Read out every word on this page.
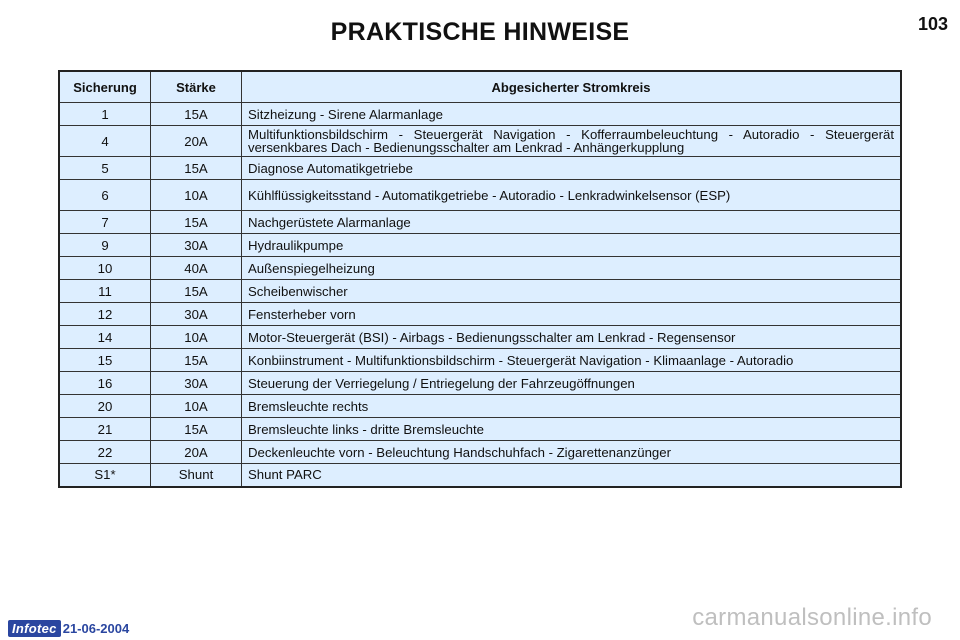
PRAKTISCHE HINWEISE	103
Sicherung	Stärke	Abgesicherter Stromkreis
1	15A	Sitzheizung - Sirene Alarmanlage
4	20A	Multifunktionsbildschirm - Steuergerät Navigation - Kofferraumbeleuchtung - Autoradio - Steuergerät versenkbares Dach - Bedienungsschalter am Lenkrad - Anhängerkupplung
5	15A	Diagnose Automatikgetriebe
6	10A	Kühlflüssigkeitsstand - Automatikgetriebe - Autoradio - Lenkradwinkelsensor (ESP)
7	15A	Nachgerüstete Alarmanlage
9	30A	Hydraulikpumpe
10	40A	Außenspiegelheizung
11	15A	Scheibenwischer
12	30A	Fensterheber vorn
14	10A	Motor-Steuergerät (BSI) - Airbags - Bedienungsschalter am Lenkrad - Regensensor
15	15A	Konbiinstrument - Multifunktionsbildschirm - Steuergerät Navigation - Klimaanlage - Autoradio
16	30A	Steuerung der Verriegelung / Entriegelung der Fahrzeugöffnungen
20	10A	Bremsleuchte rechts
21	15A	Bremsleuchte links - dritte Bremsleuchte
22	20A	Deckenleuchte vorn - Beleuchtung Handschuhfach - Zigarettenanzünger
S1*	Shunt	Shunt PARC
Infotec 21-06-2004	carmanualsonline.info
